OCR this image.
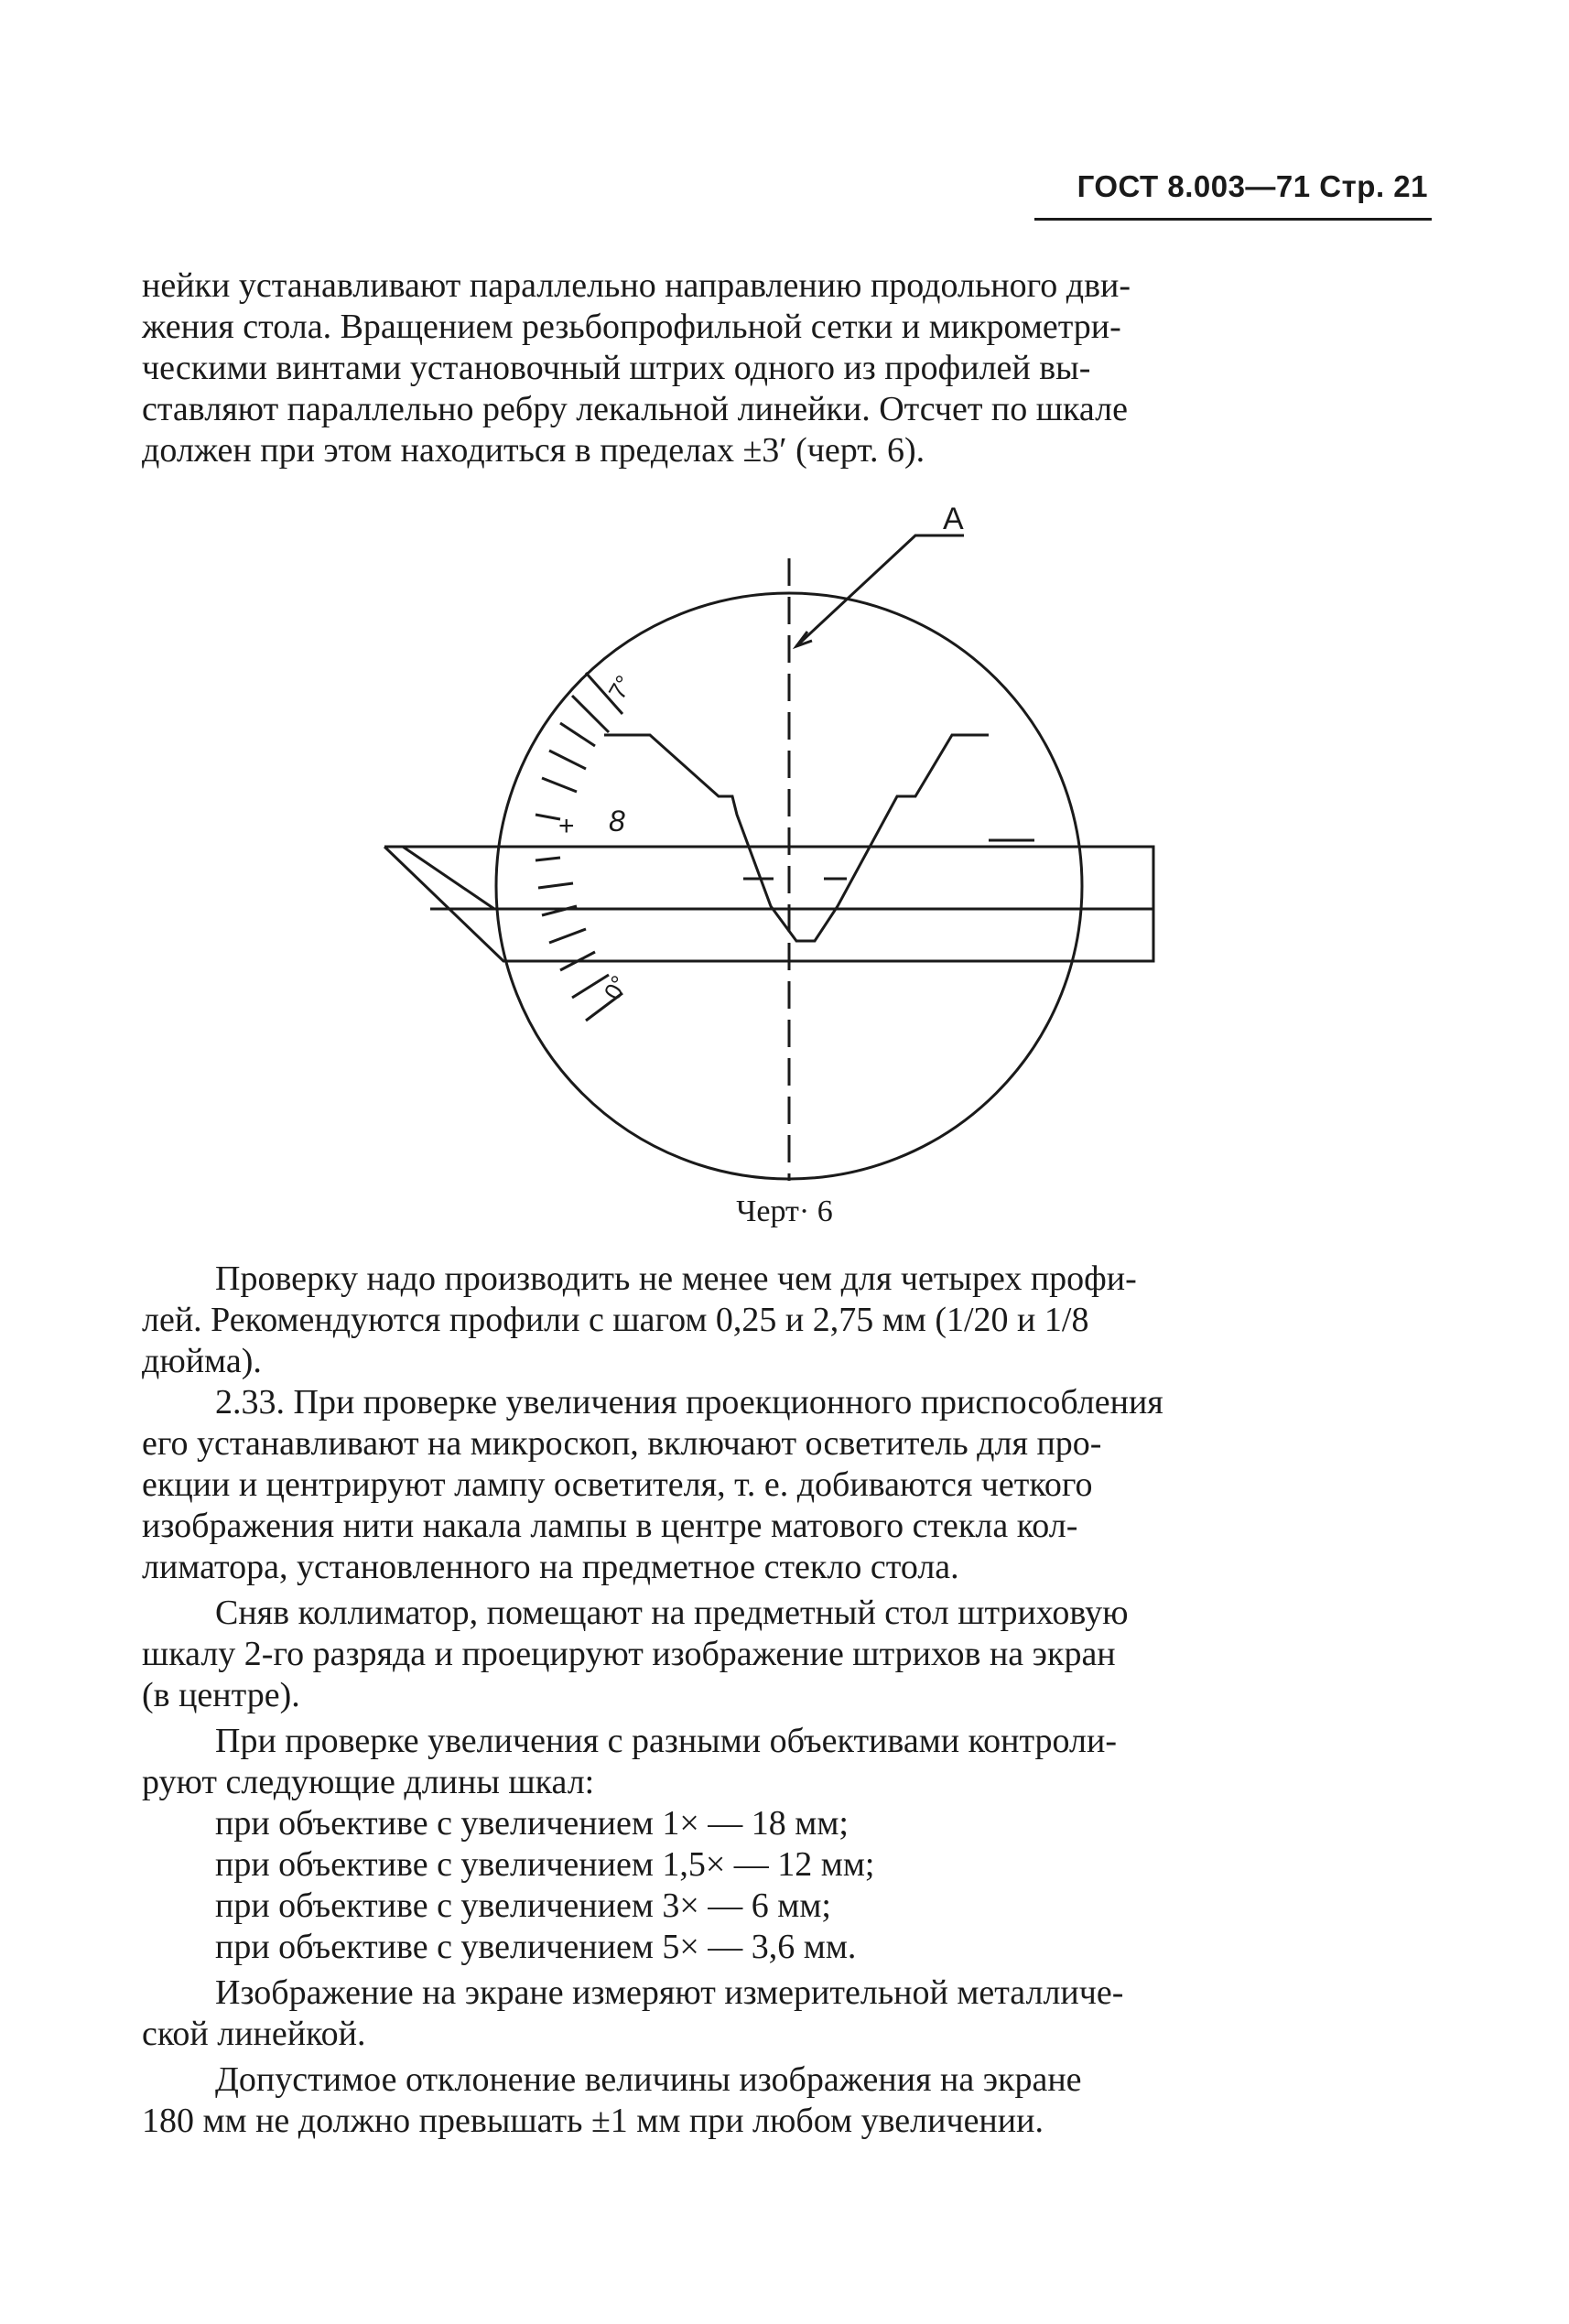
ГОСТ 8.003—71 Стр. 21
нейки устанавливают параллельно направлению продольного дви-
жения стола. Вращением резьбопрофильной сетки и микрометри-
ческими винтами установочный штрих одного из профилей вы-
ставляют параллельно ребру лекальной линейки. Отсчет по шкале
должен при этом находиться в пределах ±3′ (черт. 6).
А
8
+
7°
0°
Черт· 6
Проверку надо производить не менее чем для четырех профи-
лей. Рекомендуются профили с шагом 0,25 и 2,75 мм (1/20 и 1/8
дюйма).
2.33. При проверке увеличения проекционного приспособления
его устанавливают на микроскоп, включают осветитель для про-
екции и центрируют лампу осветителя, т. е. добиваются четкого
изображения нити накала лампы в центре матового стекла кол-
лиматора, установленного на предметное стекло стола.
Сняв коллиматор, помещают на предметный стол штриховую
шкалу 2-го разряда и проецируют изображение штрихов на экран
(в центре).
При проверке увеличения с разными объективами контроли-
руют следующие длины шкал:
при объективе с увеличением 1× — 18 мм;
при объективе с увеличением 1,5× — 12 мм;
при объективе с увеличением 3× — 6 мм;
при объективе с увеличением 5× — 3,6 мм.
Изображение на экране измеряют измерительной металличе-
ской линейкой.
Допустимое отклонение величины изображения на экране
180 мм не должно превышать ±1 мм при любом увеличении.
